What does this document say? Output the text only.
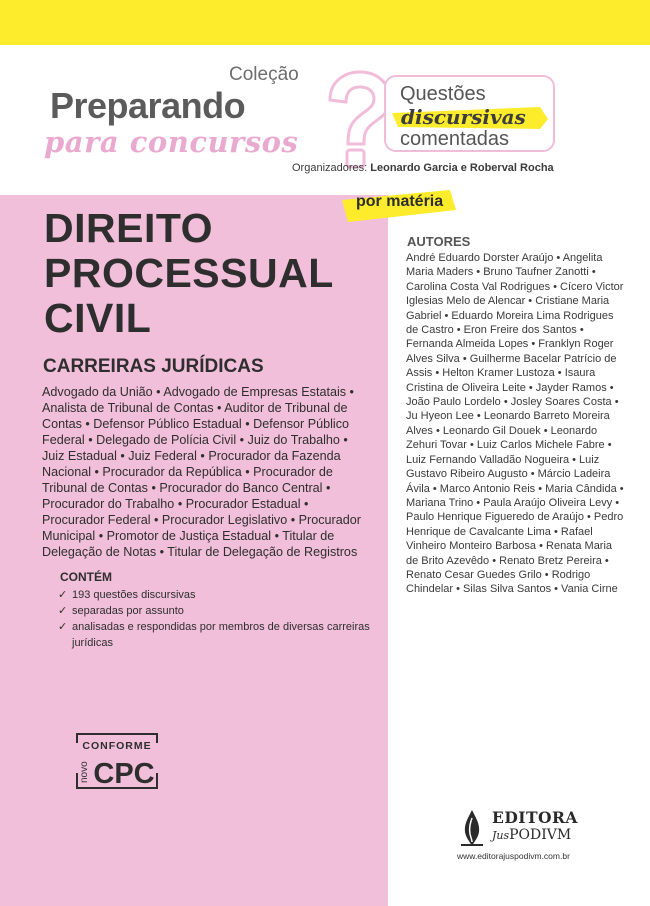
Coleção
Preparando
para concursos
Questões
discursivas
comentadas
Organizadores: Leonardo Garcia e Roberval Rocha
por matéria
DIREITO
PROCESSUAL
CIVIL
CARREIRAS JURÍDICAS
Advogado da União • Advogado de Empresas Estatais • Analista de Tribunal de Contas • Auditor de Tribunal de Contas • Defensor Público Estadual • Defensor Público Federal • Delegado de Polícia Civil • Juiz do Trabalho • Juiz Estadual • Juiz Federal • Procurador da Fazenda Nacional • Procurador da República • Procurador de Tribunal de Contas • Procurador do Banco Central • Procurador do Trabalho • Procurador Estadual • Procurador Federal • Procurador Legislativo • Procurador Municipal • Promotor de Justiça Estadual • Titular de Delegação de Notas • Titular de Delegação de Registros
CONTÉM
✓ 193 questões discursivas
✓ separadas por assunto
✓ analisadas e respondidas por membros de diversas carreiras jurídicas
CONFORME
novo CPC
AUTORES
André Eduardo Dorster Araújo • Angelita Maria Maders • Bruno Taufner Zanotti • Carolina Costa Val Rodrigues • Cícero Victor Iglesias Melo de Alencar • Cristiane Maria Gabriel • Eduardo Moreira Lima Rodrigues de Castro • Eron Freire dos Santos • Fernanda Almeida Lopes • Franklyn Roger Alves Silva • Guilherme Bacelar Patrício de Assis • Helton Kramer Lustoza • Isaura Cristina de Oliveira Leite • Jayder Ramos • João Paulo Lordelo • Josley Soares Costa • Ju Hyeon Lee • Leonardo Barreto Moreira Alves • Leonardo Gil Douek • Leonardo Zehuri Tovar • Luiz Carlos Michele Fabre • Luiz Fernando Valladão Nogueira • Luiz Gustavo Ribeiro Augusto • Márcio Ladeira Ávila • Marco Antonio Reis • Maria Cândida • Mariana Trino • Paula Araújo Oliveira Levy • Paulo Henrique Figueredo de Araújo • Pedro Henrique de Cavalcante Lima • Rafael Vinheiro Monteiro Barbosa • Renata Maria de Brito Azevêdo • Renato Bretz Pereira • Renato Cesar Guedes Grilo • Rodrigo Chindelar • Silas Silva Santos • Vania Cirne
EDITORA
JusPODIVM
www.editorajuspodivm.com.br
